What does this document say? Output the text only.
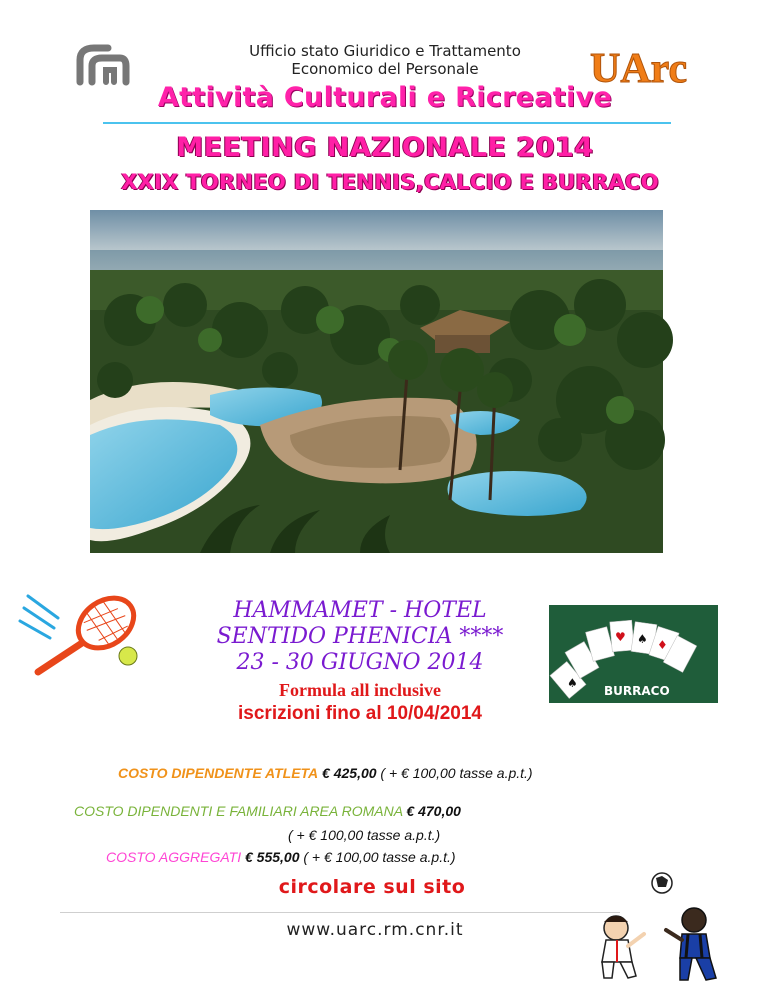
UArc
Ufficio stato Giuridico e Trattamento
Economico del Personale
Attività Culturali e Ricreative
MEETING NAZIONALE 2014
XXIX TORNEO DI TENNIS,CALCIO E BURRACO
♥ ♠ ♦
♠
BURRACO
HAMMAMET - HOTEL
SENTIDO PHENICIA ****
23 - 30 GIUGNO 2014
Formula all inclusive
iscrizioni fino al 10/04/2014
COSTO DIPENDENTE ATLETA € 425,00 ( + € 100,00 tasse a.p.t.)
COSTO DIPENDENTI E FAMILIARI AREA ROMANA € 470,00
( + € 100,00 tasse a.p.t.)
COSTO AGGREGATI € 555,00 ( + € 100,00 tasse a.p.t.)
circolare sul sito
www.uarc.rm.cnr.it
